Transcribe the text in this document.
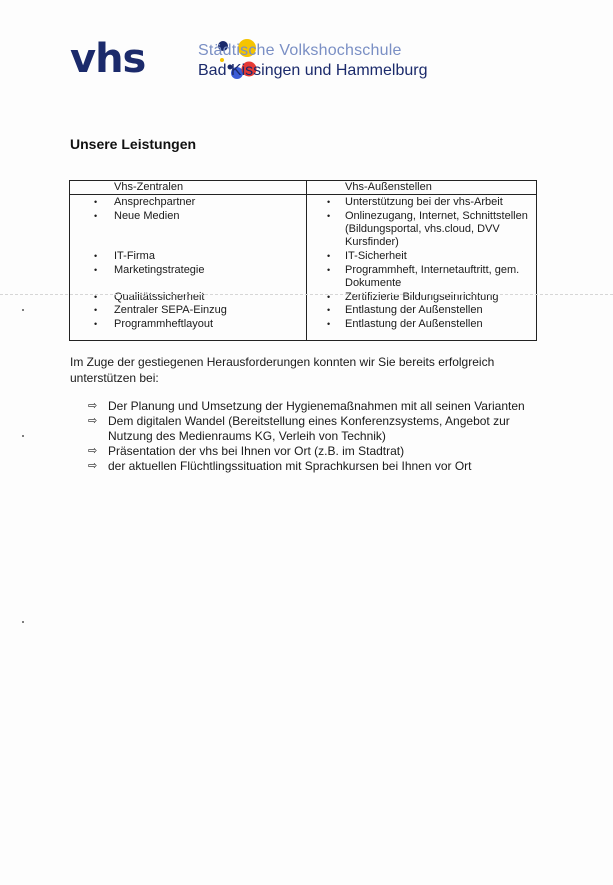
vhs	Städtische Volkshochschule
Bad Kissingen und Hammelburg
Unsere Leistungen
Vhs-Zentralen
• Ansprechpartner
• Neue Medien
• IT-Firma
• Marketingstrategie
• Qualitätssicherheit
• Zentraler SEPA-Einzug
• Programmheftlayout
Vhs-Außenstellen
• Unterstützung bei der vhs-Arbeit
• Onlinezugang, Internet, Schnittstellen (Bildungsportal, vhs.cloud, DVV Kursfinder)
• IT-Sicherheit
• Programmheft, Internetauftritt, gem. Dokumente
• Zertifizierte Bildungseinrichtung
• Entlastung der Außenstellen
• Entlastung der Außenstellen

Im Zuge der gestiegenen Herausforderungen konnten wir Sie bereits erfolgreich unterstützen bei:

⇨ Der Planung und Umsetzung der Hygienemaßnahmen mit all seinen Varianten
⇨ Dem digitalen Wandel (Bereitstellung eines Konferenzsystems, Angebot zur Nutzung des Medienraums KG, Verleih von Technik)
⇨ Präsentation der vhs bei Ihnen vor Ort (z.B. im Stadtrat)
⇨ der aktuellen Flüchtlingssituation mit Sprachkursen bei Ihnen vor Ort
